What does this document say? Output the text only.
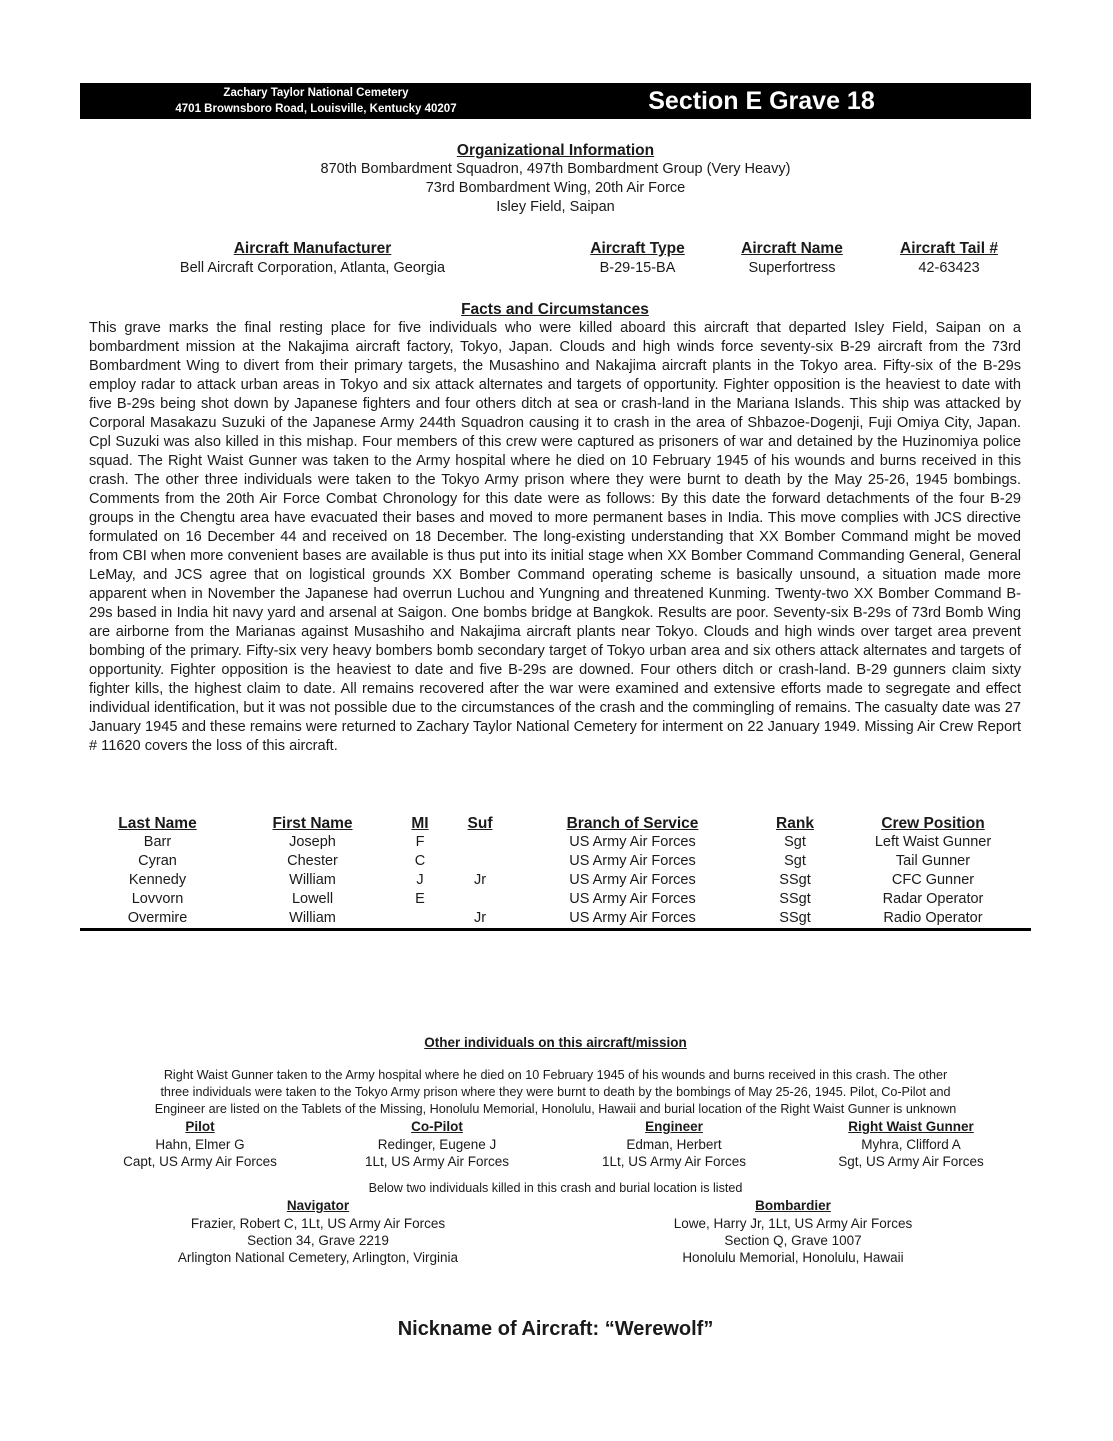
Zachary Taylor National Cemetery
4701 Brownsboro Road, Louisville, Kentucky 40207	Section E Grave 18
Organizational Information
870th Bombardment Squadron, 497th Bombardment Group (Very Heavy)
73rd Bombardment Wing, 20th Air Force
Isley Field, Saipan
Aircraft Manufacturer
Bell Aircraft Corporation, Atlanta, Georgia
Aircraft Type
B-29-15-BA
Aircraft Name
Superfortress
Aircraft Tail #
42-63423
Facts and Circumstances
This grave marks the final resting place for five individuals who were killed aboard this aircraft that departed Isley Field, Saipan on a bombardment mission at the Nakajima aircraft factory, Tokyo, Japan. Clouds and high winds force seventy-six B-29 aircraft from the 73rd Bombardment Wing to divert from their primary targets, the Musashino and Nakajima aircraft plants in the Tokyo area. Fifty-six of the B-29s employ radar to attack urban areas in Tokyo and six attack alternates and targets of opportunity. Fighter opposition is the heaviest to date with five B-29s being shot down by Japanese fighters and four others ditch at sea or crash-land in the Mariana Islands. This ship was attacked by Corporal Masakazu Suzuki of the Japanese Army 244th Squadron causing it to crash in the area of Shbazoe-Dogenji, Fuji Omiya City, Japan. Cpl Suzuki was also killed in this mishap. Four members of this crew were captured as prisoners of war and detained by the Huzinomiya police squad. The Right Waist Gunner was taken to the Army hospital where he died on 10 February 1945 of his wounds and burns received in this crash. The other three individuals were taken to the Tokyo Army prison where they were burnt to death by the May 25-26, 1945 bombings. Comments from the 20th Air Force Combat Chronology for this date were as follows: By this date the forward detachments of the four B-29 groups in the Chengtu area have evacuated their bases and moved to more permanent bases in India. This move complies with JCS directive formulated on 16 December 44 and received on 18 December. The long-existing understanding that XX Bomber Command might be moved from CBI when more convenient bases are available is thus put into its initial stage when XX Bomber Command Commanding General, General LeMay, and JCS agree that on logistical grounds XX Bomber Command operating scheme is basically unsound, a situation made more apparent when in November the Japanese had overrun Luchou and Yungning and threatened Kunming. Twenty-two XX Bomber Command B-29s based in India hit navy yard and arsenal at Saigon. One bombs bridge at Bangkok. Results are poor. Seventy-six B-29s of 73rd Bomb Wing are airborne from the Marianas against Musashiho and Nakajima aircraft plants near Tokyo. Clouds and high winds over target area prevent bombing of the primary. Fifty-six very heavy bombers bomb secondary target of Tokyo urban area and six others attack alternates and targets of opportunity. Fighter opposition is the heaviest to date and five B-29s are downed. Four others ditch or crash-land. B-29 gunners claim sixty fighter kills, the highest claim to date. All remains recovered after the war were examined and extensive efforts made to segregate and effect individual identification, but it was not possible due to the circumstances of the crash and the commingling of remains. The casualty date was 27 January 1945 and these remains were returned to Zachary Taylor National Cemetery for interment on 22 January 1949. Missing Air Crew Report # 11620 covers the loss of this aircraft.
Last Name	First Name	MI	Suf	Branch of Service	Rank	Crew Position
Barr	Joseph	F		US Army Air Forces	Sgt	Left Waist Gunner
Cyran	Chester	C		US Army Air Forces	Sgt	Tail Gunner
Kennedy	William	J	Jr	US Army Air Forces	SSgt	CFC Gunner
Lovvorn	Lowell	E		US Army Air Forces	SSgt	Radar Operator
Overmire	William		Jr	US Army Air Forces	SSgt	Radio Operator
Other individuals on this aircraft/mission
Right Waist Gunner taken to the Army hospital where he died on 10 February 1945 of his wounds and burns received in this crash. The other
three individuals were taken to the Tokyo Army prison where they were burnt to death by the bombings of May 25-26, 1945. Pilot, Co-Pilot and
Engineer are listed on the Tablets of the Missing, Honolulu Memorial, Honolulu, Hawaii and burial location of the Right Waist Gunner is unknown
Pilot
Hahn, Elmer G
Capt, US Army Air Forces
Co-Pilot
Redinger, Eugene J
1Lt, US Army Air Forces
Engineer
Edman, Herbert
1Lt, US Army Air Forces
Right Waist Gunner
Myhra, Clifford A
Sgt, US Army Air Forces
Below two individuals killed in this crash and burial location is listed
Navigator
Frazier, Robert C, 1Lt, US Army Air Forces
Section 34, Grave 2219
Arlington National Cemetery, Arlington, Virginia
Bombardier
Lowe, Harry Jr, 1Lt, US Army Air Forces
Section Q, Grave 1007
Honolulu Memorial, Honolulu, Hawaii
Nickname of Aircraft: “Werewolf”
